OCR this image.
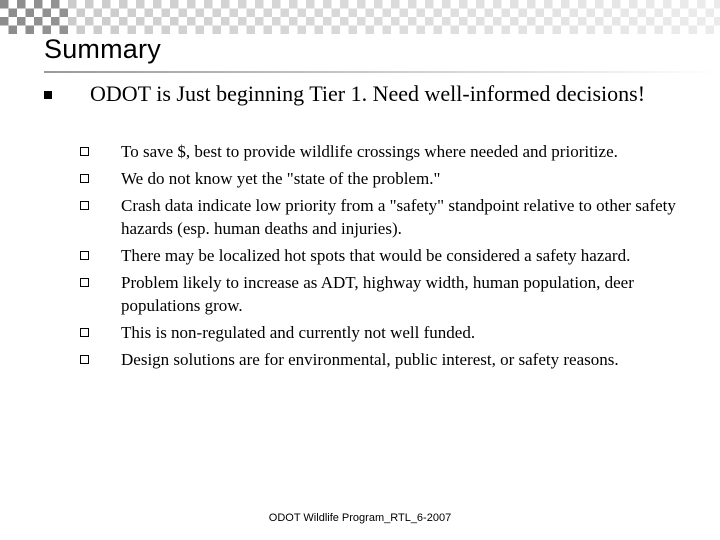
Summary
ODOT is Just beginning Tier 1. Need well-informed decisions!
To save $, best to provide wildlife crossings where needed and prioritize.
We do not know yet the "state of the problem."
Crash data indicate low priority from a "safety" standpoint relative to other safety hazards (esp. human deaths and injuries).
There may be localized hot spots that would be considered a safety hazard.
Problem likely to increase as ADT, highway width, human population, deer populations grow.
This is non-regulated and currently not well funded.
Design solutions are for environmental, public interest, or safety reasons.
ODOT Wildlife Program_RTL_6-2007
